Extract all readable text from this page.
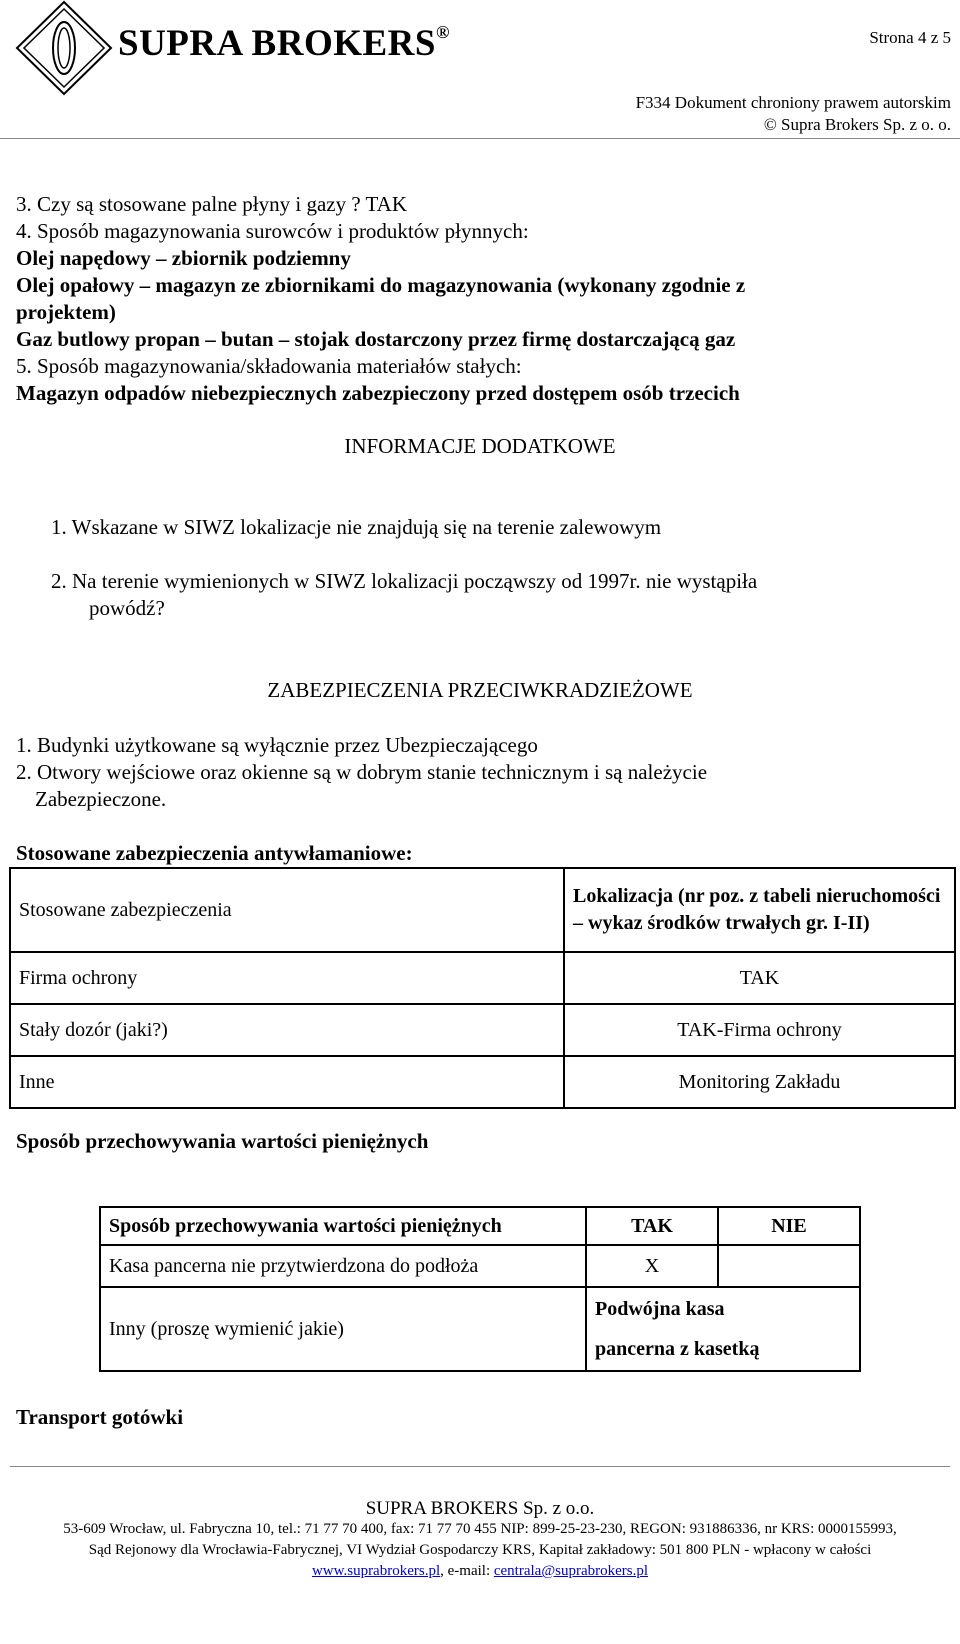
SUPRA BROKERS®	Strona 4 z 5
F334 Dokument chroniony prawem autorskim
© Supra Brokers Sp. z o. o.
3. Czy są stosowane palne płyny i gazy ? TAK
4. Sposób magazynowania surowców i produktów płynnych:
Olej napędowy – zbiornik podziemny
Olej opałowy – magazyn ze zbiornikami do magazynowania (wykonany zgodnie z
projektem)
Gaz butlowy propan – butan – stojak dostarczony przez firmę dostarczającą gaz
5. Sposób magazynowania/składowania materiałów stałych:
Magazyn odpadów niebezpiecznych zabezpieczony przed dostępem osób trzecich
INFORMACJE DODATKOWE
1. Wskazane w SIWZ lokalizacje nie znajdują się na terenie zalewowym
2. Na terenie wymienionych w SIWZ lokalizacji począwszy od 1997r. nie wystąpiła
powódź?
ZABEZPIECZENIA PRZECIWKRADZIEŻOWE
1. Budynki użytkowane są wyłącznie przez Ubezpieczającego
2. Otwory wejściowe oraz okienne są w dobrym stanie technicznym i są należycie
Zabezpieczone.
Stosowane zabezpieczenia antywłamaniowe:
Stosowane zabezpieczenia	Lokalizacja (nr poz. z tabeli nieruchomości – wykaz środków trwałych gr. I-II)
Firma ochrony	TAK
Stały dozór (jaki?)	TAK-Firma ochrony
Inne	Monitoring Zakładu
Sposób przechowywania wartości pieniężnych
Sposób przechowywania wartości pieniężnych	TAK	NIE
Kasa pancerna nie przytwierdzona do podłoża	X	
Inny (proszę wymienić jakie)	Podwójna kasa
pancerna z kasetką	
Transport gotówki
SUPRA BROKERS Sp. z o.o.
53-609 Wrocław, ul. Fabryczna 10, tel.: 71 77 70 400, fax: 71 77 70 455 NIP: 899-25-23-230, REGON: 931886336, nr KRS: 0000155993,
Sąd Rejonowy dla Wrocławia-Fabrycznej, VI Wydział Gospodarczy KRS, Kapitał zakładowy: 501 800 PLN - wpłacony w całości
www.suprabrokers.pl, e-mail: centrala@suprabrokers.pl
